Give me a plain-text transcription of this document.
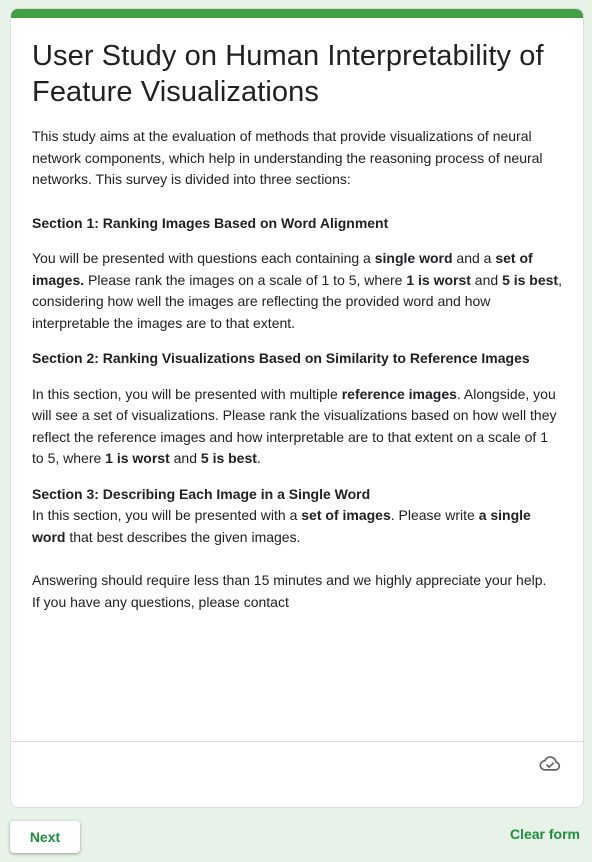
User Study on Human Interpretability of Feature Visualizations

This study aims at the evaluation of methods that provide visualizations of neural network components, which help in understanding the reasoning process of neural networks. This survey is divided into three sections:

Section 1: Ranking Images Based on Word Alignment

You will be presented with questions each containing a single word and a set of images. Please rank the images on a scale of 1 to 5, where 1 is worst and 5 is best, considering how well the images are reflecting the provided word and how interpretable the images are to that extent.

Section 2: Ranking Visualizations Based on Similarity to Reference Images

In this section, you will be presented with multiple reference images. Alongside, you will see a set of visualizations. Please rank the visualizations based on how well they reflect the reference images and how interpretable are to that extent on a scale of 1 to 5, where 1 is worst and 5 is best.

Section 3: Describing Each Image in a Single Word

In this section, you will be presented with a set of images. Please write a single word that best describes the given images.

Answering should require less than 15 minutes and we highly appreciate your help.

If you have any questions, please contact

Next	Clear form
